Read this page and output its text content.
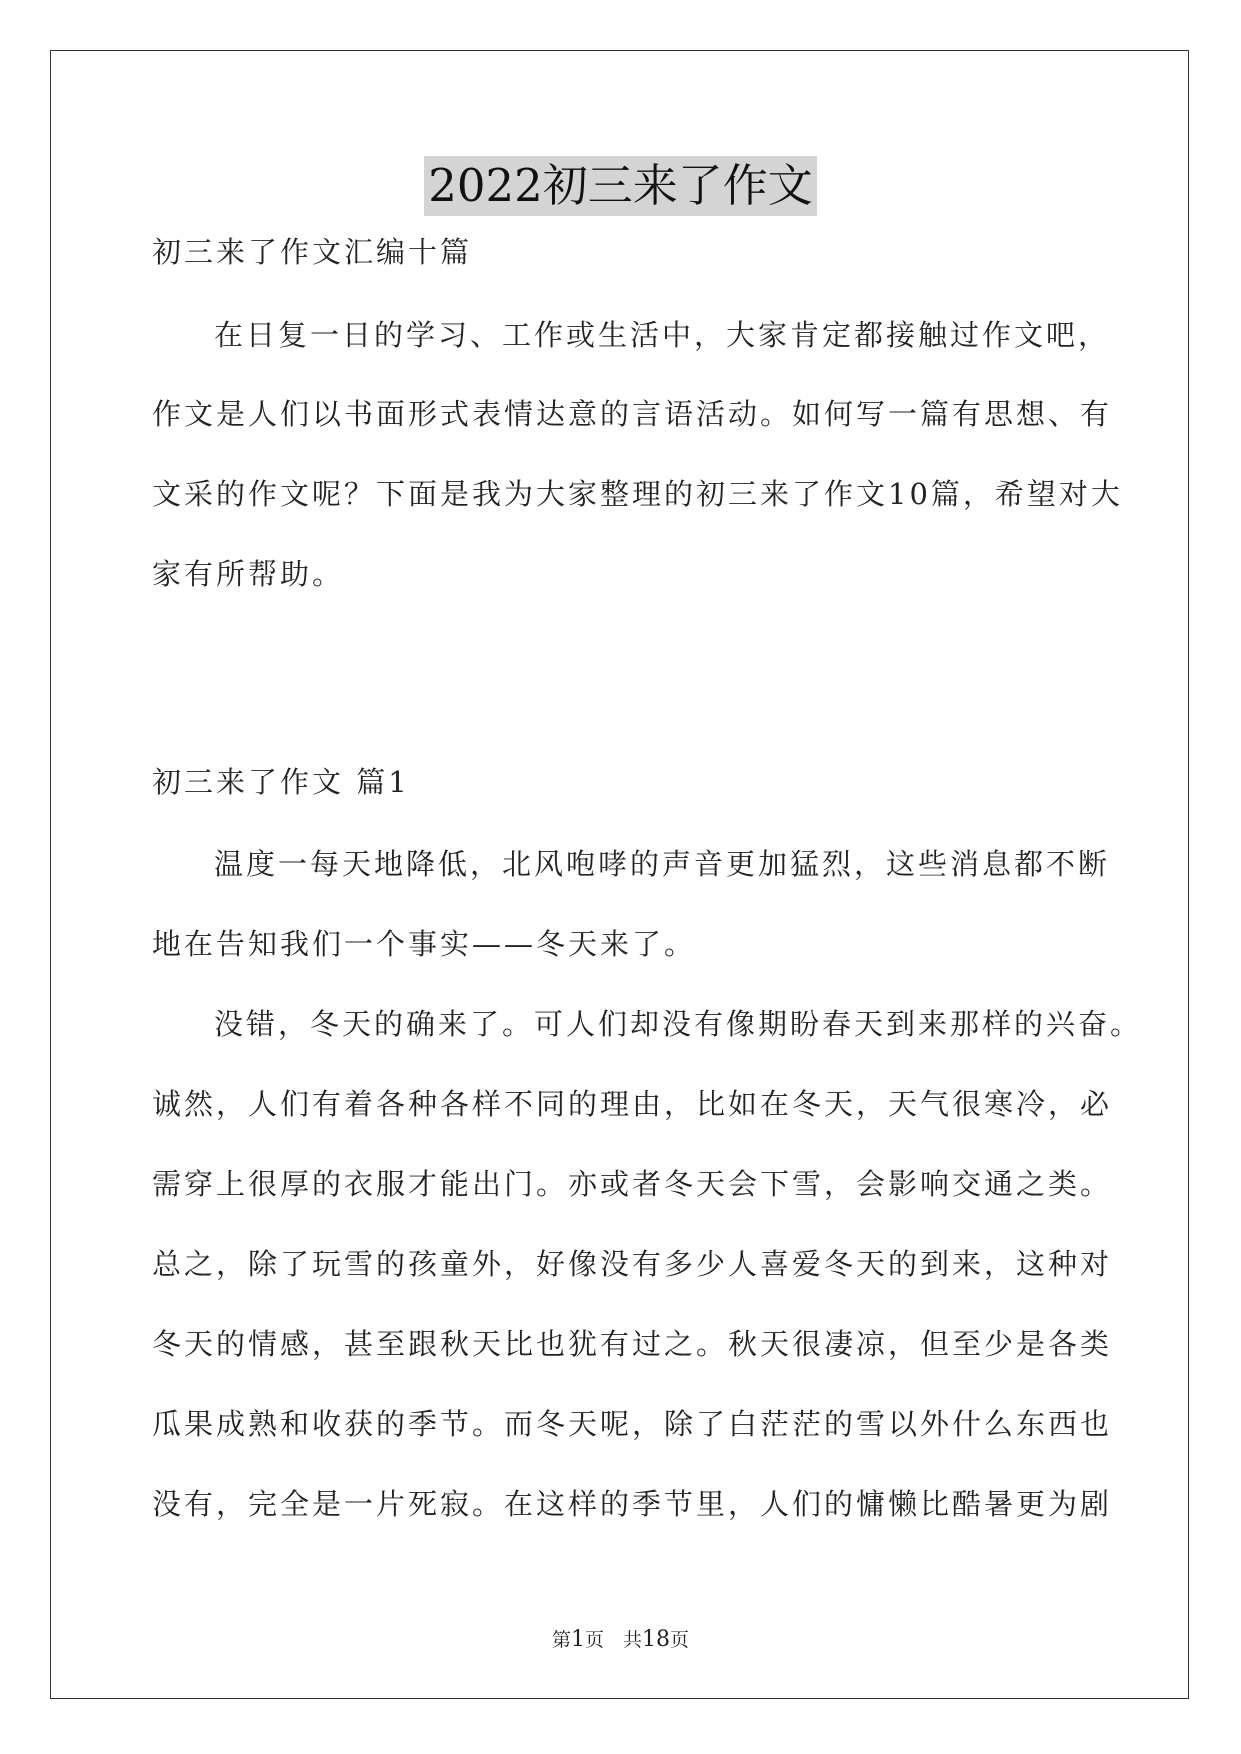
2022初三来了作文
初三来了作文汇编十篇
在日复一日的学习、工作或生活中，大家肯定都接触过作文吧，
作文是人们以书面形式表情达意的言语活动。如何写一篇有思想、有
文采的作文呢？下面是我为大家整理的初三来了作文10篇，希望对大
家有所帮助。
初三来了作文 篇1
温度一每天地降低，北风咆哮的声音更加猛烈，这些消息都不断
地在告知我们一个事实——冬天来了。
没错，冬天的确来了。可人们却没有像期盼春天到来那样的兴奋。
诚然，人们有着各种各样不同的理由，比如在冬天，天气很寒冷，必
需穿上很厚的衣服才能出门。亦或者冬天会下雪，会影响交通之类。
总之，除了玩雪的孩童外，好像没有多少人喜爱冬天的到来，这种对
冬天的情感，甚至跟秋天比也犹有过之。秋天很凄凉，但至少是各类
瓜果成熟和收获的季节。而冬天呢，除了白茫茫的雪以外什么东西也
没有，完全是一片死寂。在这样的季节里，人们的慵懒比酷暑更为剧
第1页　共18页
